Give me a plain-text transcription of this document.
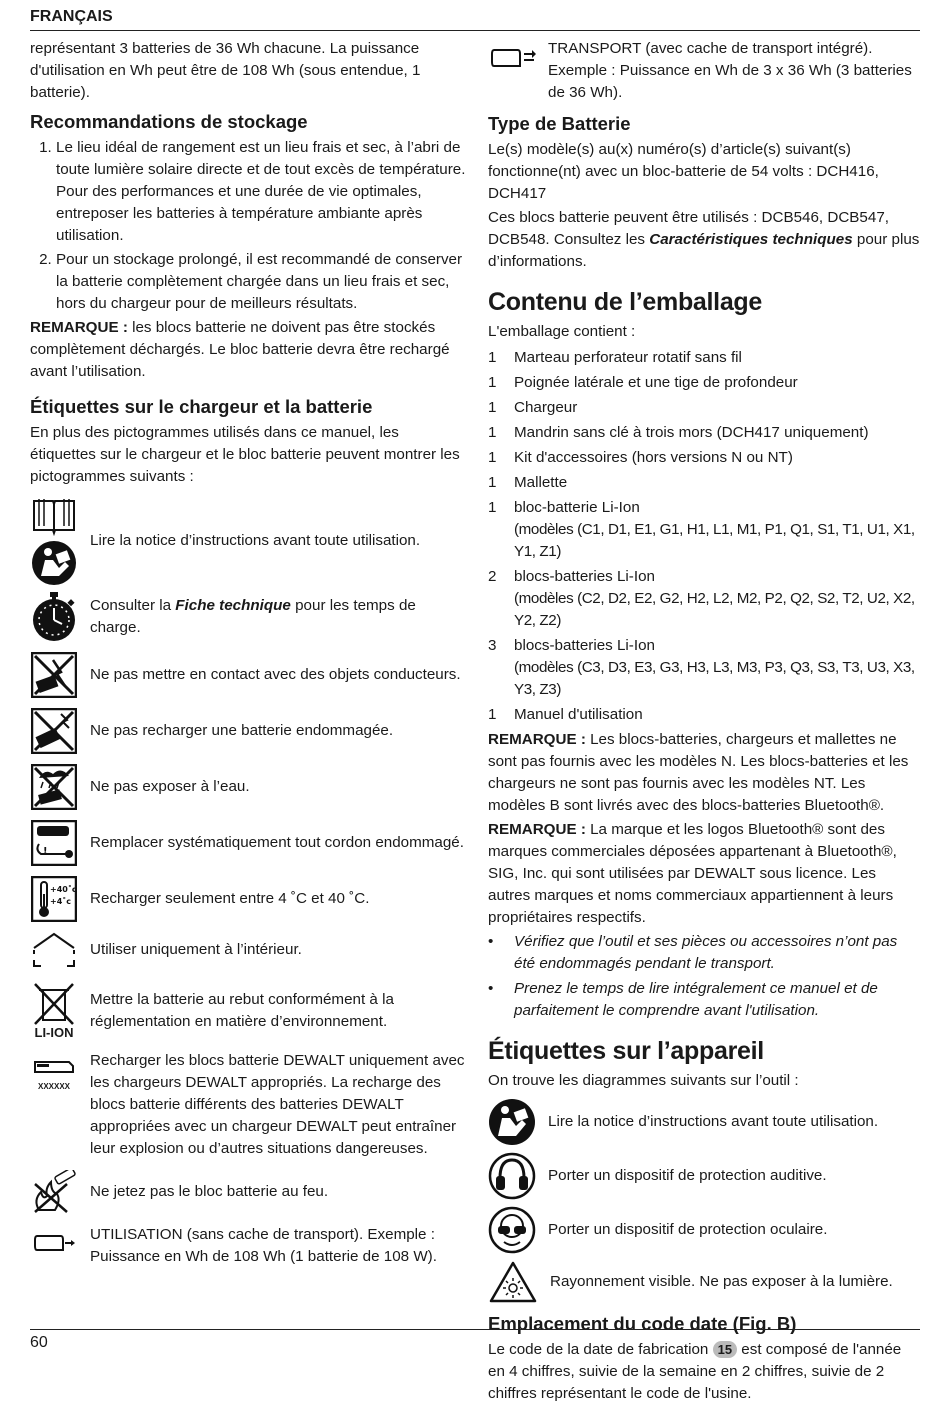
FRANÇAIS

représentant 3 batteries de 36 Wh chacune. La puissance d'utilisation en Wh peut être de 108 Wh (sous entendue, 1 batterie).

Recommandations de stockage
1. Le lieu idéal de rangement est un lieu frais et sec, à l’abri de toute lumière solaire directe et de tout excès de température. Pour des performances et une durée de vie optimales, entreposer les batteries à température ambiante après utilisation.
2. Pour un stockage prolongé, il est recommandé de conserver la batterie complètement chargée dans un lieu frais et sec, hors du chargeur pour de meilleurs résultats.

REMARQUE : les blocs batterie ne doivent pas être stockés complètement déchargés. Le bloc batterie devra être rechargé avant l’utilisation.

Étiquettes sur le chargeur et la batterie

En plus des pictogrammes utilisés dans ce manuel, les étiquettes sur le chargeur et le bloc batterie peuvent montrer les pictogrammes suivants :

Lire la notice d’instructions avant toute utilisation.
Consulter la Fiche technique pour les temps de charge.
Ne pas mettre en contact avec des objets conducteurs.
Ne pas recharger une batterie endommagée.
Ne pas exposer à l’eau.
!
Remplacer systématiquement tout cordon endommagé.
+40˚c
+4˚c Recharger seulement entre 4 ˚C et 40 ˚C.
Utiliser uniquement à l’intérieur.
LI-ION
Mettre la batterie au rebut conformément à la réglementation en matière d’environnement.
XXXXXX
Recharger les blocs batterie DEWALT uniquement avec les chargeurs DEWALT appropriés. La recharge des blocs batterie différents des batteries DEWALT appropriées avec un chargeur DEWALT peut entraîner leur explosion ou d’autres situations dangereuses.
Ne jetez pas le bloc batterie au feu.
UTILISATION (sans cache de transport). Exemple : Puissance en Wh de 108 Wh (1 batterie de 108 W).
TRANSPORT (avec cache de transport intégré). Exemple : Puissance en Wh de 3 x 36 Wh (3 batteries de 36 Wh).
Type de Batterie

Le(s) modèle(s) au(x) numéro(s) d’article(s) suivant(s) fonctionne(nt) avec un bloc-batterie de 54 volts : DCH416, DCH417

Ces blocs batterie peuvent être utilisés : DCB546, DCB547, DCB548. Consultez les Caractéristiques techniques pour plus d’informations.

Contenu de l’emballage

L'emballage contient :

1	Marteau perforateur rotatif sans fil
1	Poignée latérale et une tige de profondeur
1	Chargeur
1	Mandrin sans clé à trois mors (DCH417 uniquement)
1	Kit d'accessoires (hors versions N ou NT)
1	Mallette
1	bloc-batterie Li-Ion
(modèles (C1, D1, E1, G1, H1, L1, M1, P1, Q1, S1, T1, U1, X1, Y1, Z1)
2	blocs-batteries Li-Ion
(modèles (C2, D2, E2, G2, H2, L2, M2, P2, Q2, S2, T2, U2, X2, Y2, Z2)
3	blocs-batteries Li-Ion
(modèles (C3, D3, E3, G3, H3, L3, M3, P3, Q3, S3, T3, U3, X3, Y3, Z3)
1	Manuel d'utilisation

REMARQUE : Les blocs-batteries, chargeurs et mallettes ne sont pas fournis avec les modèles N. Les blocs-batteries et les chargeurs ne sont pas fournis avec les modèles NT. Les modèles B sont livrés avec des blocs-batteries Bluetooth®.

REMARQUE : La marque et les logos Bluetooth® sont des marques commerciales déposées appartenant à Bluetooth®, SIG, Inc. qui sont utilisées par DEWALT sous licence. Les autres marques et noms commerciaux appartiennent à leurs propriétaires respectifs.

•	Vérifiez que l’outil et ses pièces ou accessoires n’ont pas été endommagés pendant le transport.
•	Prenez le temps de lire intégralement ce manuel et de parfaitement le comprendre avant l'utilisation.
Étiquettes sur l’appareil

On trouve les diagrammes suivants sur l’outil :

Lire la notice d’instructions avant toute utilisation.
Porter un dispositif de protection auditive.
Porter un dispositif de protection oculaire.
Rayonnement visible. Ne pas exposer à la lumière.
Emplacement du code date (Fig. B)

Le code de la date de fabrication 15 est composé de l'année en 4 chiffres, suivie de la semaine en 2 chiffres, suivie de 2 chiffres représentant le code de l'usine.

60
